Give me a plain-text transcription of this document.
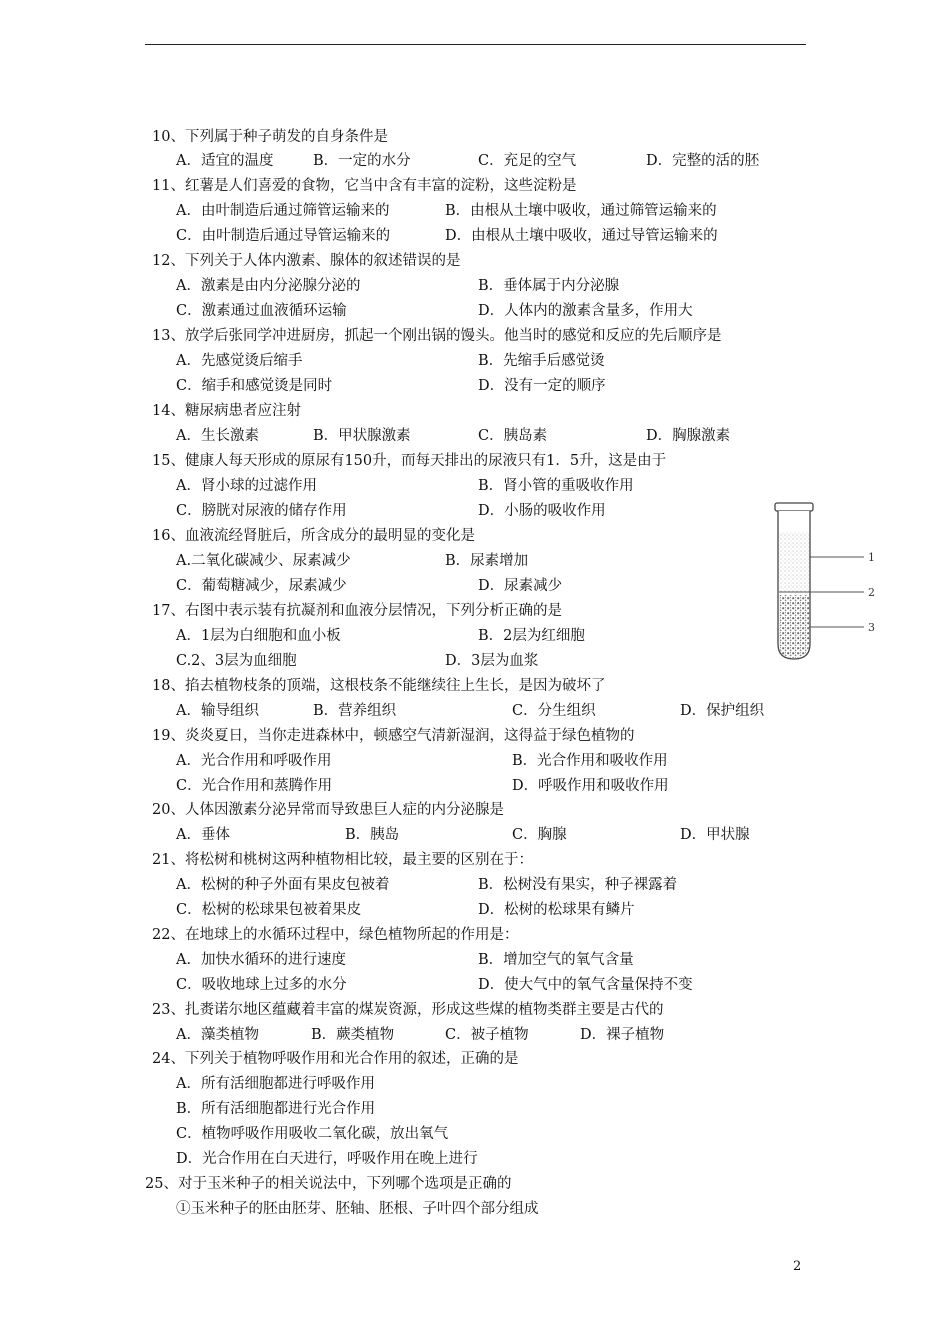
10、下列属于种子萌发的自身条件是
A．适宜的温度	B．一定的水分	C．充足的空气	D．完整的活的胚
11、红薯是人们喜爱的食物，它当中含有丰富的淀粉，这些淀粉是
A．由叶制造后通过筛管运输来的	B．由根从土壤中吸收，通过筛管运输来的
C．由叶制造后通过导管运输来的	D．由根从土壤中吸收，通过导管运输来的
12、下列关于人体内激素、腺体的叙述错误的是
A．激素是由内分泌腺分泌的	B．垂体属于内分泌腺
C．激素通过血液循环运输	D．人体内的激素含量多，作用大
13、放学后张同学冲进厨房，抓起一个刚出锅的馒头。他当时的感觉和反应的先后顺序是
A．先感觉烫后缩手	B．先缩手后感觉烫
C．缩手和感觉烫是同时	D．没有一定的顺序
14、糖尿病患者应注射
A．生长激素	B．甲状腺激素	C．胰岛素	D．胸腺激素
15、健康人每天形成的原尿有150升，而每天排出的尿液只有1．5升，这是由于
A．肾小球的过滤作用	B．肾小管的重吸收作用
C．膀胱对尿液的储存作用	D．小肠的吸收作用
16、血液流经肾脏后，所含成分的最明显的变化是
A.二氧化碳减少、尿素减少	B．尿素增加
C．葡萄糖减少，尿素减少	D．尿素减少
17、右图中表示装有抗凝剂和血液分层情况，下列分析正确的是
A．1层为白细胞和血小板	B．2层为红细胞
C.2、3层为血细胞	D．3层为血浆
18、掐去植物枝条的顶端，这根枝条不能继续往上生长，是因为破坏了
A．输导组织	B．营养组织	C．分生组织	D．保护组织
19、炎炎夏日，当你走进森林中，顿感空气清新湿润，这得益于绿色植物的
A．光合作用和呼吸作用	B．光合作用和吸收作用
C．光合作用和蒸腾作用	D．呼吸作用和吸收作用
20、人体因激素分泌异常而导致患巨人症的内分泌腺是
A．垂体	B．胰岛	C．胸腺	D．甲状腺
21、将松树和桃树这两种植物相比较，最主要的区别在于：
A．松树的种子外面有果皮包被着	B．松树没有果实，种子裸露着
C．松树的松球果包被着果皮	D．松树的松球果有鳞片
22、在地球上的水循环过程中，绿色植物所起的作用是：
A．加快水循环的进行速度	B．增加空气的氧气含量
C．吸收地球上过多的水分	D．使大气中的氧气含量保持不变
23、扎赉诺尔地区蕴藏着丰富的煤炭资源，形成这些煤的植物类群主要是古代的
A．藻类植物	B．蕨类植物	C．被子植物	D．裸子植物
24、下列关于植物呼吸作用和光合作用的叙述，正确的是
A．所有活细胞都进行呼吸作用
B．所有活细胞都进行光合作用
C．植物呼吸作用吸收二氧化碳，放出氧气
D．光合作用在白天进行，呼吸作用在晚上进行
25、对于玉米种子的相关说法中，下列哪个选项是正确的
①玉米种子的胚由胚芽、胚轴、胚根、子叶四个部分组成
1
2
3
2
